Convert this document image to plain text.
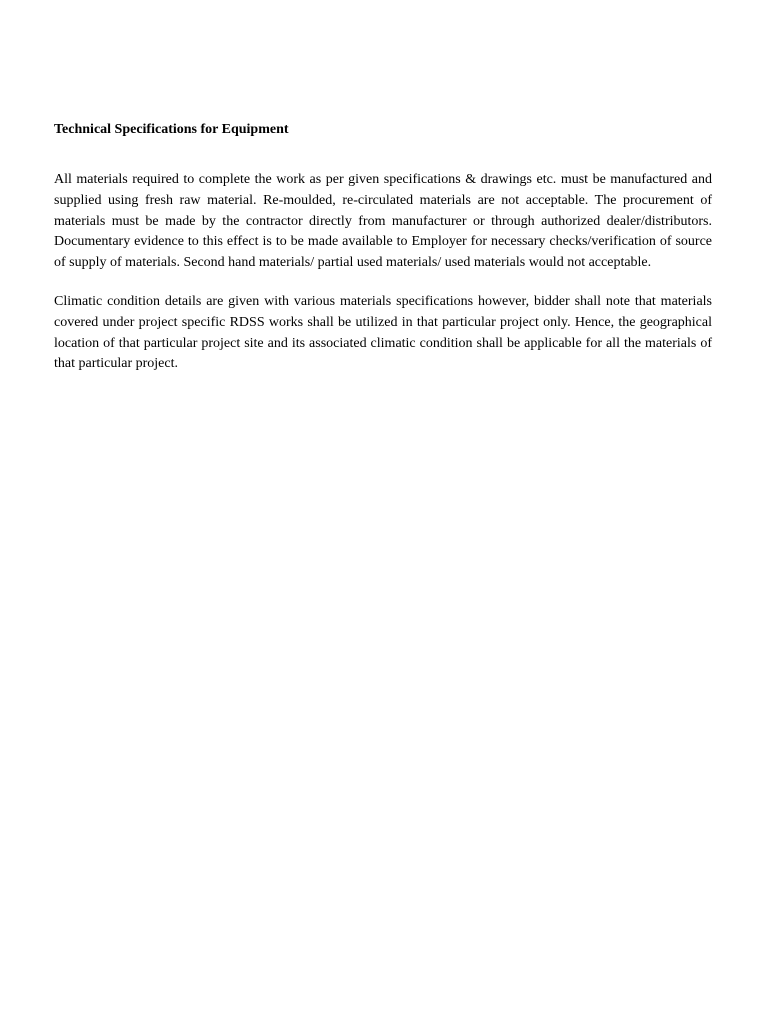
Technical Specifications for Equipment

All materials required to complete the work as per given specifications & drawings etc. must be manufactured and supplied using fresh raw material. Re-moulded, re-circulated materials are not acceptable. The procurement of materials must be made by the contractor directly from manufacturer or through authorized dealer/distributors. Documentary evidence to this effect is to be made available to Employer for necessary checks/verification of source of supply of materials. Second hand materials/ partial used materials/ used materials would not acceptable.

Climatic condition details are given with various materials specifications however, bidder shall note that materials covered under project specific RDSS works shall be utilized in that particular project only. Hence, the geographical location of that particular project site and its associated climatic condition shall be applicable for all the materials of that particular project.
